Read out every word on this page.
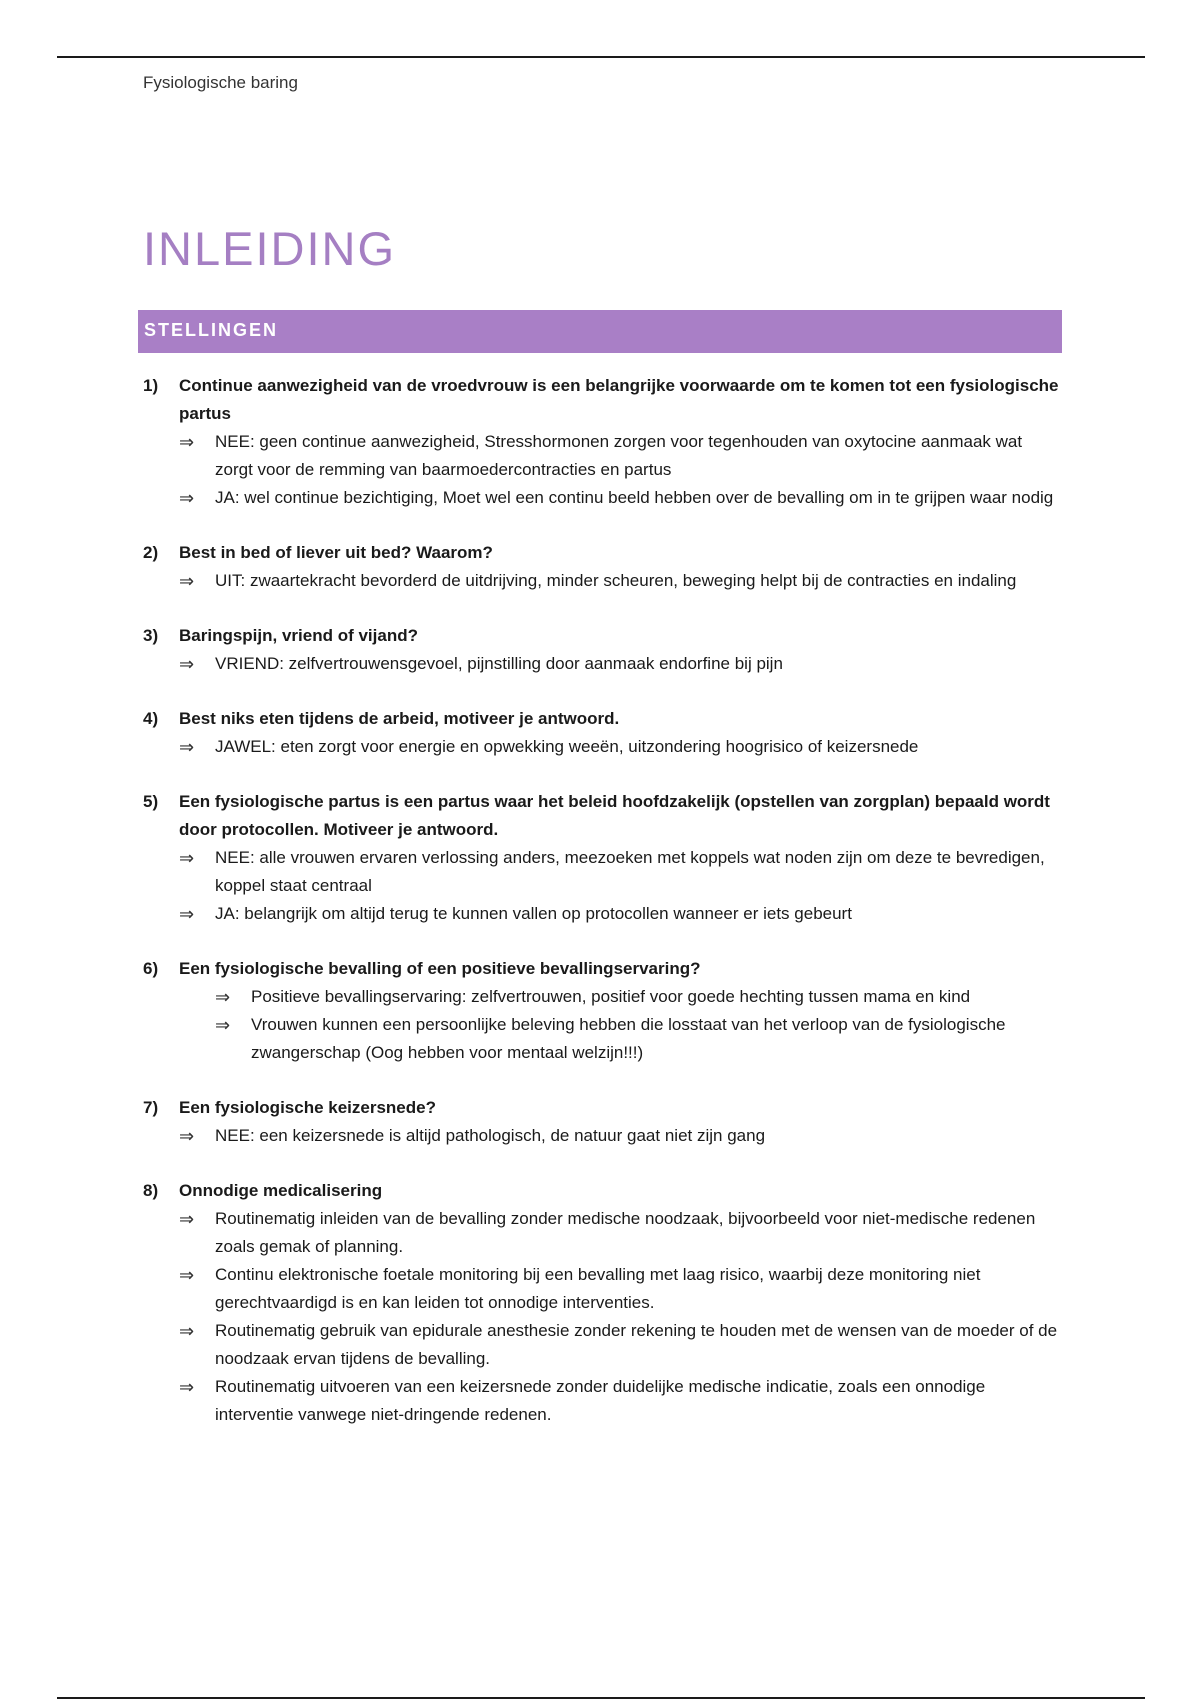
Fysiologische baring
INLEIDING
STELLINGEN
1) Continue aanwezigheid van de vroedvrouw is een belangrijke voorwaarde om te komen tot een fysiologische partus
⇒ NEE: geen continue aanwezigheid, Stresshormonen zorgen voor tegenhouden van oxytocine aanmaak wat zorgt voor de remming van baarmoedercontracties en partus
⇒ JA: wel continue bezichtiging, Moet wel een continu beeld hebben over de bevalling om in te grijpen waar nodig
2) Best in bed of liever uit bed? Waarom?
⇒ UIT: zwaartekracht bevorderd de uitdrijving, minder scheuren, beweging helpt bij de contracties en indaling
3) Baringspijn, vriend of vijand?
⇒ VRIEND: zelfvertrouwensgevoel, pijnstilling door aanmaak endorfine bij pijn
4) Best niks eten tijdens de arbeid, motiveer je antwoord.
⇒ JAWEL: eten zorgt voor energie en opwekking weeën, uitzondering hoogrisico of keizersnede
5) Een fysiologische partus is een partus waar het beleid hoofdzakelijk (opstellen van zorgplan) bepaald wordt door protocollen. Motiveer je antwoord.
⇒ NEE: alle vrouwen ervaren verlossing anders, meezoeken met koppels wat noden zijn om deze te bevredigen, koppel staat centraal
⇒ JA: belangrijk om altijd terug te kunnen vallen op protocollen wanneer er iets gebeurt
6) Een fysiologische bevalling of een positieve bevallingservaring?
⇒ Positieve bevallingservaring: zelfvertrouwen, positief voor goede hechting tussen mama en kind
⇒ Vrouwen kunnen een persoonlijke beleving hebben die losstaat van het verloop van de fysiologische zwangerschap (Oog hebben voor mentaal welzijn!!!)
7) Een fysiologische keizersnede?
⇒ NEE: een keizersnede is altijd pathologisch, de natuur gaat niet zijn gang
8) Onnodige medicalisering
⇒ Routinematig inleiden van de bevalling zonder medische noodzaak, bijvoorbeeld voor niet-medische redenen zoals gemak of planning.
⇒ Continu elektronische foetale monitoring bij een bevalling met laag risico, waarbij deze monitoring niet gerechtvaardigd is en kan leiden tot onnodige interventies.
⇒ Routinematig gebruik van epidurale anesthesie zonder rekening te houden met de wensen van de moeder of de noodzaak ervan tijdens de bevalling.
⇒ Routinematig uitvoeren van een keizersnede zonder duidelijke medische indicatie, zoals een onnodige interventie vanwege niet-dringende redenen.
